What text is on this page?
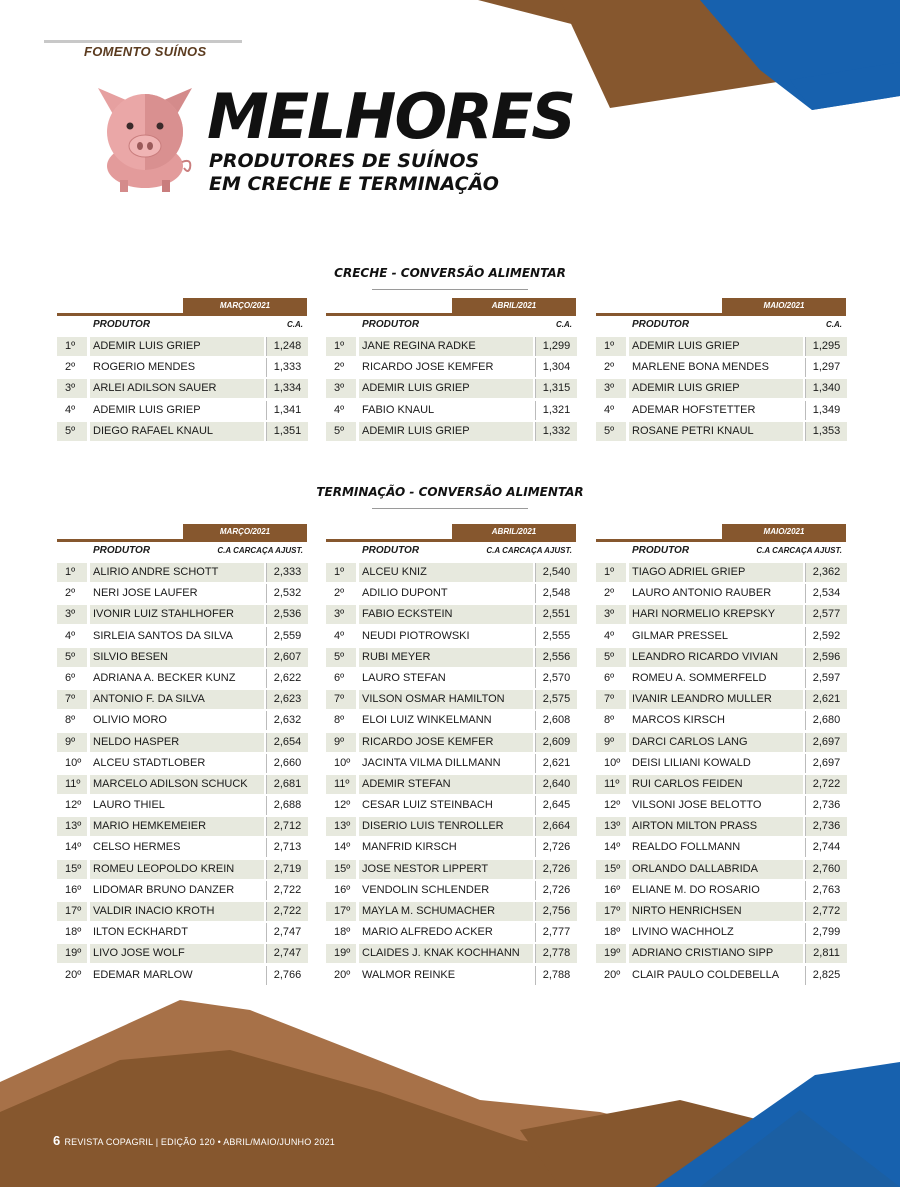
FOMENTO SUÍNOS
MELHORES
PRODUTORES DE SUÍNOS
EM CRECHE E TERMINAÇÃO
CRECHE - CONVERSÃO ALIMENTAR
MARÇO/2021
PRODUTOR	C.A.
1º	ADEMIR LUIS GRIEP	1,248
2º	ROGERIO MENDES	1,333
3º	ARLEI ADILSON SAUER	1,334
4º	ADEMIR LUIS GRIEP	1,341
5º	DIEGO RAFAEL KNAUL	1,351
ABRIL/2021
PRODUTOR	C.A.
1º	JANE REGINA RADKE	1,299
2º	RICARDO JOSE KEMFER	1,304
3º	ADEMIR LUIS GRIEP	1,315
4º	FABIO KNAUL	1,321
5º	ADEMIR LUIS GRIEP	1,332
MAIO/2021
PRODUTOR	C.A.
1º	ADEMIR LUIS GRIEP	1,295
2º	MARLENE BONA MENDES	1,297
3º	ADEMIR LUIS GRIEP	1,340
4º	ADEMAR HOFSTETTER	1,349
5º	ROSANE PETRI KNAUL	1,353
TERMINAÇÃO - CONVERSÃO ALIMENTAR
MARÇO/2021
PRODUTOR	C.A CARCAÇA AJUST.
1º	ALIRIO ANDRE SCHOTT	2,333
2º	NERI JOSE LAUFER	2,532
3º	IVONIR LUIZ STAHLHOFER	2,536
4º	SIRLEIA SANTOS DA SILVA	2,559
5º	SILVIO BESEN	2,607
6º	ADRIANA A. BECKER KUNZ	2,622
7º	ANTONIO F. DA SILVA	2,623
8º	OLIVIO MORO	2,632
9º	NELDO HASPER	2,654
10º	ALCEU STADTLOBER	2,660
11º	MARCELO ADILSON SCHUCK	2,681
12º	LAURO THIEL	2,688
13º	MARIO HEMKEMEIER	2,712
14º	CELSO HERMES	2,713
15º	ROMEU LEOPOLDO KREIN	2,719
16º	LIDOMAR BRUNO DANZER	2,722
17º	VALDIR INACIO KROTH	2,722
18º	ILTON ECKHARDT	2,747
19º	LIVO JOSE WOLF	2,747
20º	EDEMAR MARLOW	2,766
ABRIL/2021
PRODUTOR	C.A CARCAÇA AJUST.
1º	ALCEU KNIZ	2,540
2º	ADILIO DUPONT	2,548
3º	FABIO ECKSTEIN	2,551
4º	NEUDI PIOTROWSKI	2,555
5º	RUBI MEYER	2,556
6º	LAURO STEFAN	2,570
7º	VILSON OSMAR HAMILTON	2,575
8º	ELOI LUIZ WINKELMANN	2,608
9º	RICARDO JOSE KEMFER	2,609
10º	JACINTA VILMA DILLMANN	2,621
11º	ADEMIR STEFAN	2,640
12º	CESAR LUIZ STEINBACH	2,645
13º	DISERIO LUIS TENROLLER	2,664
14º	MANFRID KIRSCH	2,726
15º	JOSE NESTOR LIPPERT	2,726
16º	VENDOLIN SCHLENDER	2,726
17º	MAYLA M. SCHUMACHER	2,756
18º	MARIO ALFREDO ACKER	2,777
19º	CLAIDES J. KNAK KOCHHANN	2,778
20º	WALMOR REINKE	2,788
MAIO/2021
PRODUTOR	C.A CARCAÇA AJUST.
1º	TIAGO ADRIEL GRIEP	2,362
2º	LAURO ANTONIO RAUBER	2,534
3º	HARI NORMELIO KREPSKY	2,577
4º	GILMAR PRESSEL	2,592
5º	LEANDRO RICARDO VIVIAN	2,596
6º	ROMEU A. SOMMERFELD	2,597
7º	IVANIR LEANDRO MULLER	2,621
8º	MARCOS KIRSCH	2,680
9º	DARCI CARLOS LANG	2,697
10º	DEISI LILIANI KOWALD	2,697
11º	RUI CARLOS FEIDEN	2,722
12º	VILSONI JOSE BELOTTO	2,736
13º	AIRTON MILTON PRASS	2,736
14º	REALDO FOLLMANN	2,744
15º	ORLANDO DALLABRIDA	2,760
16º	ELIANE M. DO ROSARIO	2,763
17º	NIRTO HENRICHSEN	2,772
18º	LIVINO WACHHOLZ	2,799
19º	ADRIANO CRISTIANO SIPP	2,811
20º	CLAIR PAULO COLDEBELLA	2,825
6 REVISTA COPAGRIL | EDIÇÃO 120 • ABRIL/MAIO/JUNHO 2021
